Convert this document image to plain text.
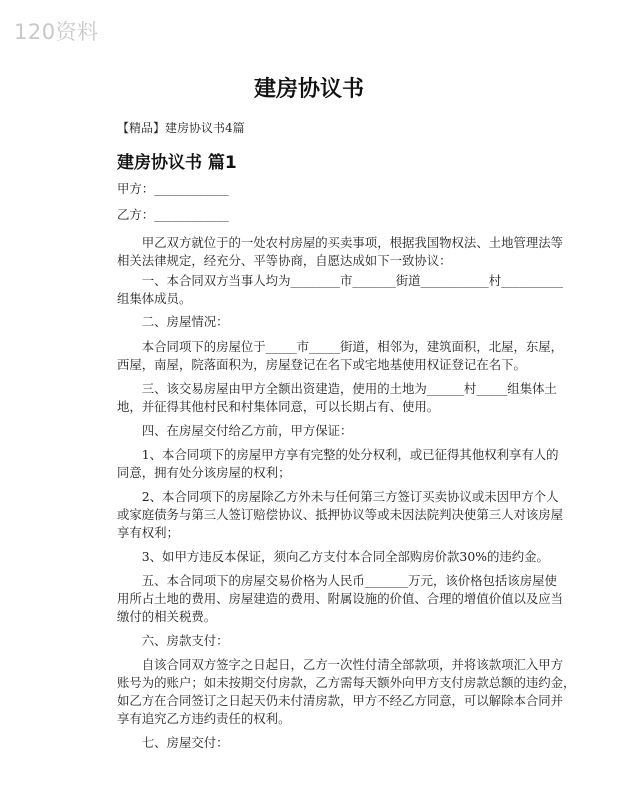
120资料
建房协议书
【精品】建房协议书4篇
建房协议书 篇1
甲方：____________
乙方：____________
　　甲乙双方就位于的一处农村房屋的买卖事项，根据我国物权法、土地管理法等
相关法律规定，经充分、平等协商，自愿达成如下一致协议：
　　一、本合同双方当事人均为________市_______街道___________村__________
组集体成员。
　　二、房屋情况：
　　本合同项下的房屋位于_____市_____街道，相邻为，建筑面积，北屋，东屋，
西屋，南屋，院落面积为，房屋登记在名下或宅地基使用权证登记在名下。
　　三、该交易房屋由甲方全额出资建造，使用的土地为______村_____组集体土
地，并征得其他村民和村集体同意，可以长期占有、使用。
　　四、在房屋交付给乙方前，甲方保证：
　　1、本合同项下的房屋甲方享有完整的处分权利，或已征得其他权利享有人的
同意，拥有处分该房屋的权利；
　　2、本合同项下的房屋除乙方外未与任何第三方签订买卖协议或未因甲方个人
或家庭债务与第三人签订赔偿协议、抵押协议等或未因法院判决使第三人对该房屋
享有权利；
　　3、如甲方违反本保证，须向乙方支付本合同全部购房价款30%的违约金。
　　五、本合同项下的房屋交易价格为人民币_______万元，该价格包括该房屋使
用所占土地的费用、房屋建造的费用、附属设施的价值、合理的增值价值以及应当
缴付的相关税费。
　　六、房款支付：
　　自该合同双方签字之日起日，乙方一次性付清全部款项，并将该款项汇入甲方
账号为的账户；如未按期交付房款，乙方需每天额外向甲方支付房款总额的违约金，
如乙方在合同签订之日起天仍未付清房款，甲方不经乙方同意，可以解除本合同并
享有追究乙方违约责任的权利。
　　七、房屋交付：
